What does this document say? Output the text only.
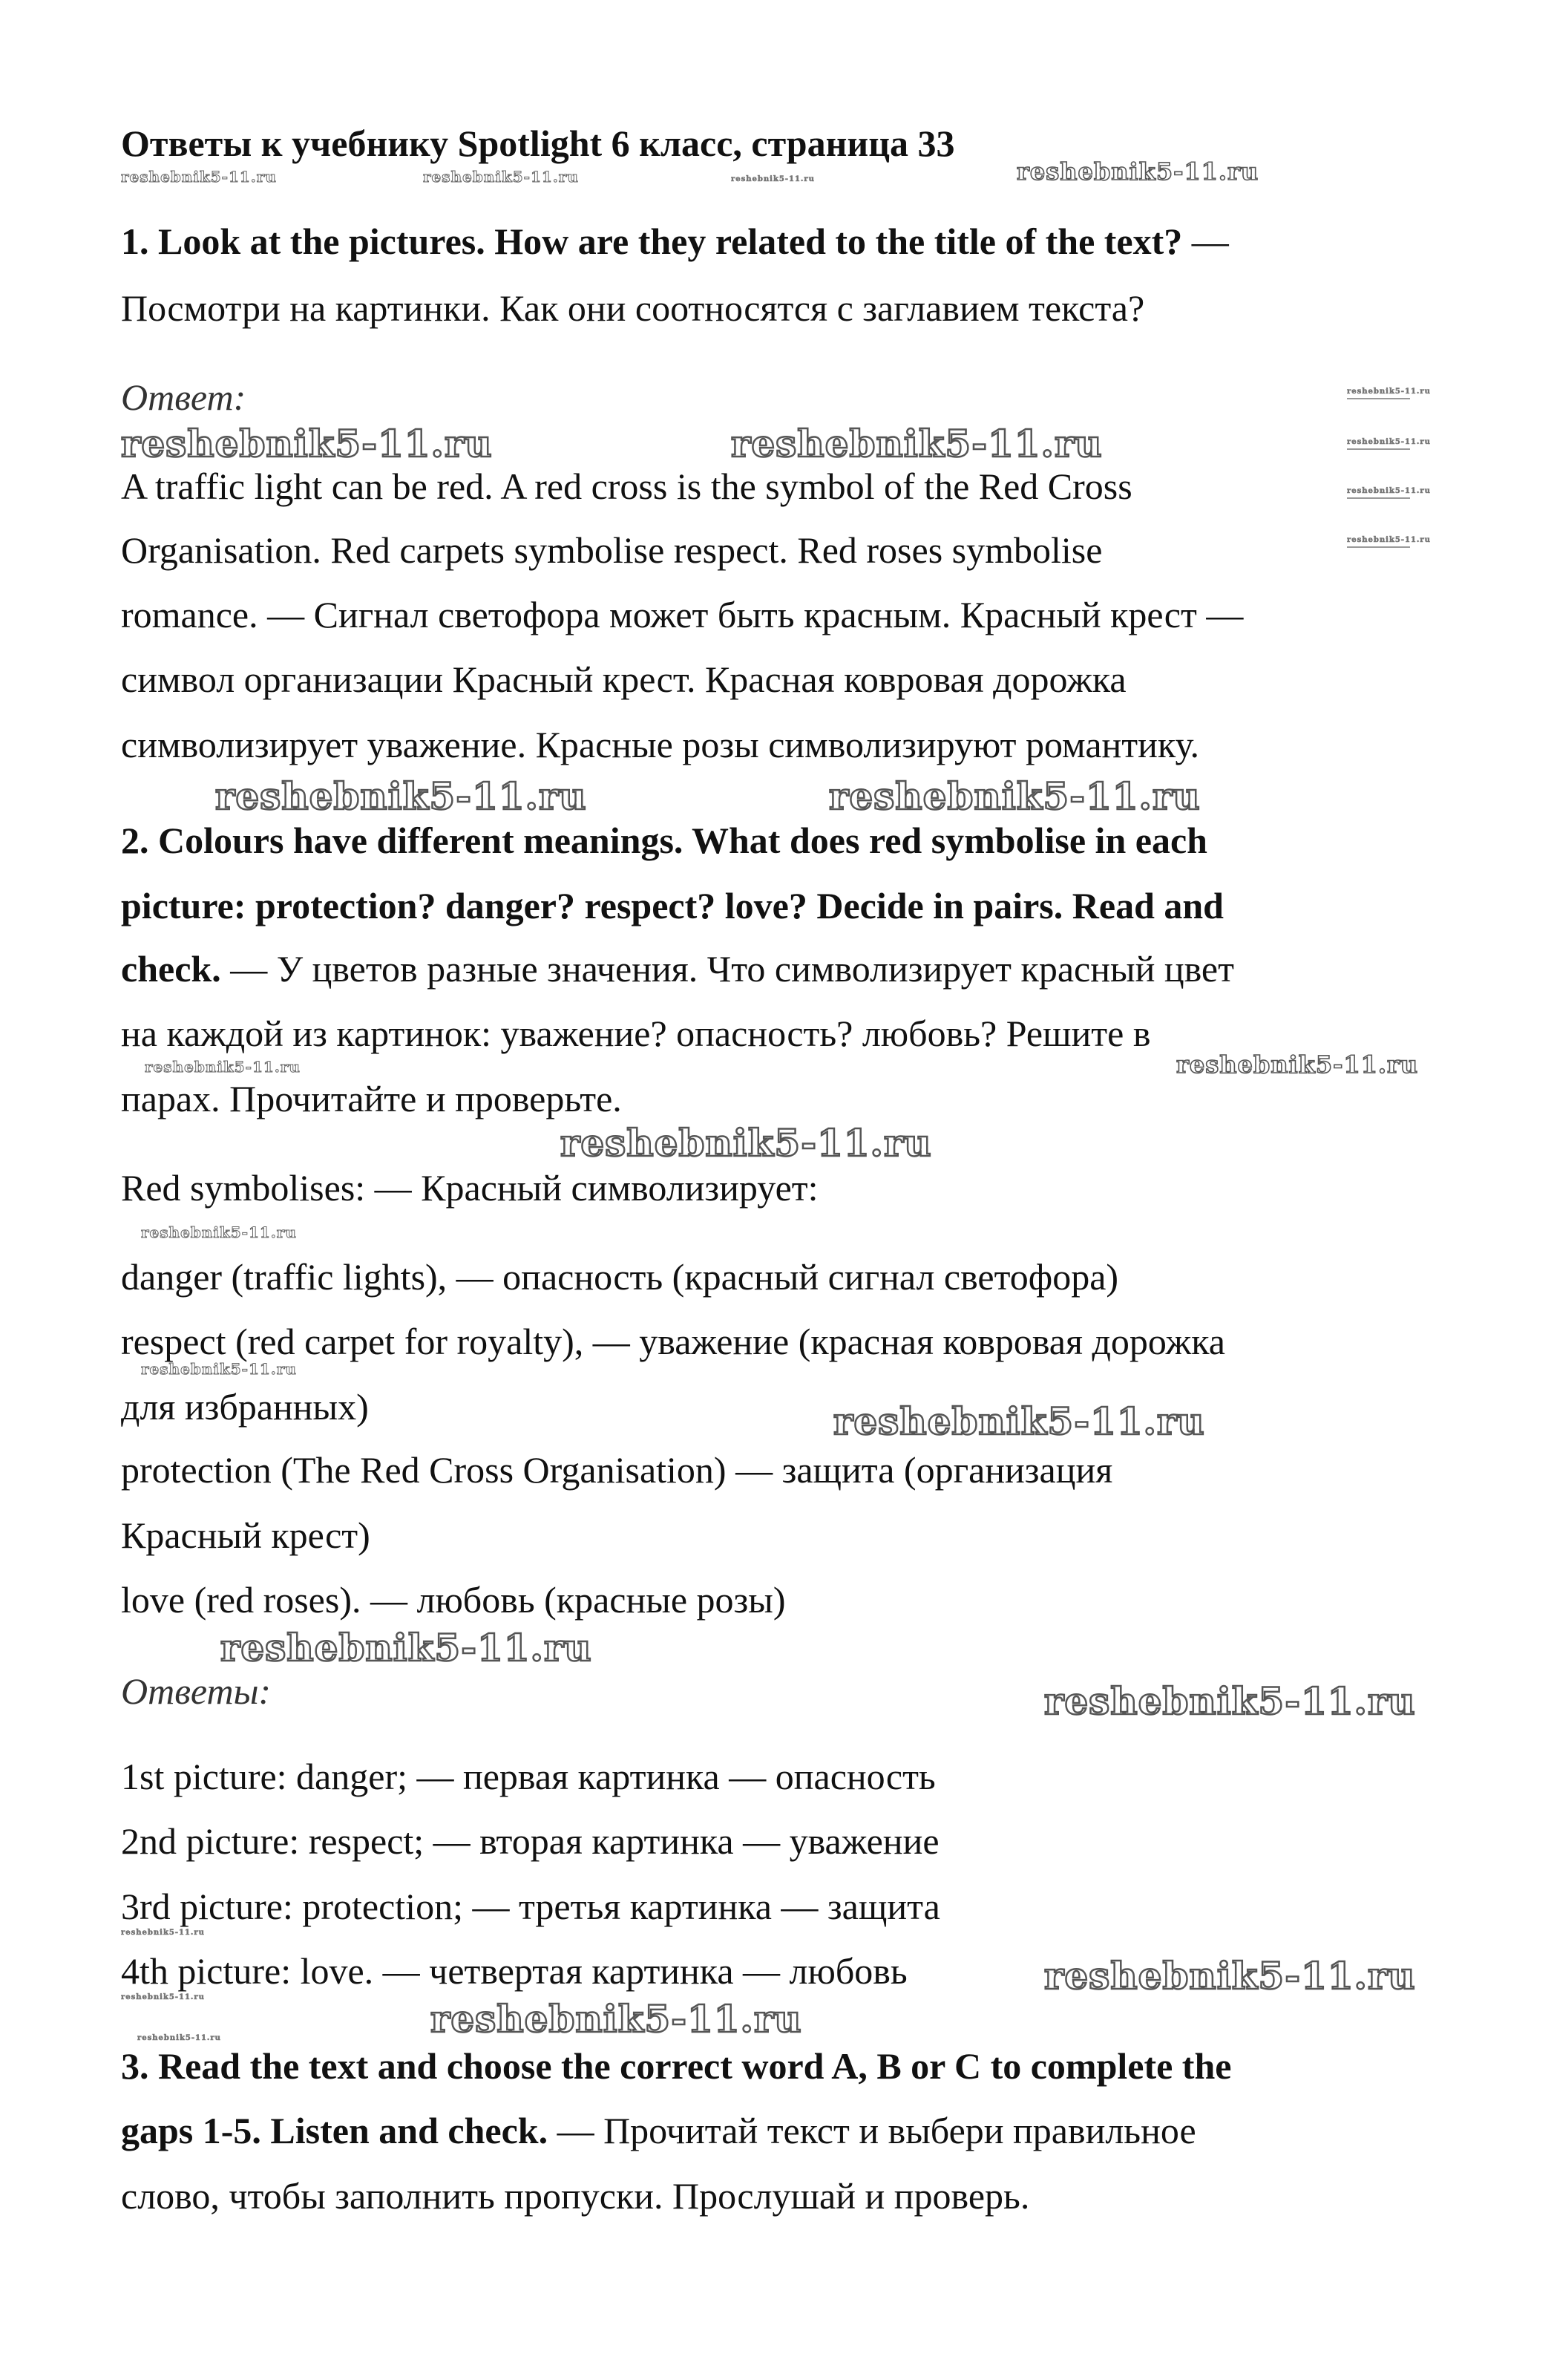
Ответы к учебнику Spotlight 6 класс, страница 33
1. Look at the pictures. How are they related to the title of the text? —
Посмотри на картинки. Как они соотносятся с заглавием текста?
Ответ:
A traffic light can be red. A red cross is the symbol of the Red Cross
Organisation. Red carpets symbolise respect. Red roses symbolise
romance. — Сигнал светофора может быть красным. Красный крест —
символ организации Красный крест. Красная ковровая дорожка
символизирует уважение. Красные розы символизируют романтику.
2. Colours have different meanings. What does red symbolise in each
picture: protection? danger? respect? love? Decide in pairs. Read and
check. — У цветов разные значения. Что символизирует красный цвет
на каждой из картинок: уважение? опасность? любовь? Решите в
парах. Прочитайте и проверьте.
Red symbolises: — Красный символизирует:
danger (traffic lights), — опасность (красный сигнал светофора)
respect (red carpet for royalty), — уважение (красная ковровая дорожка
для избранных)
protection (The Red Cross Organisation) — защита (организация
Красный крест)
love (red roses). — любовь (красные розы)
Ответы:
1st picture: danger; — первая картинка — опасность
2nd picture: respect; — вторая картинка — уважение
3rd picture: protection; — третья картинка — защита
4th picture: love. — четвертая картинка — любовь
3. Read the text and choose the correct word A, B or C to complete the
gaps 1-5. Listen and check. — Прочитай текст и выбери правильное
слово, чтобы заполнить пропуски. Прослушай и проверь.
reshebnik5-11.ru	reshebnik5-11.ru	reshebnik5-11.ru	reshebnik5-11.ru
reshebnik5-11.ru
reshebnik5-11.ru	reshebnik5-11.ru	reshebnik5-11.ru
reshebnik5-11.ru
reshebnik5-11.ru
reshebnik5-11.ru	reshebnik5-11.ru
reshebnik5-11.ru	reshebnik5-11.ru
reshebnik5-11.ru
reshebnik5-11.ru
reshebnik5-11.ru
reshebnik5-11.ru
reshebnik5-11.ru
reshebnik5-11.ru
reshebnik5-11.ru
reshebnik5-11.ru	reshebnik5-11.ru
reshebnik5-11.ru
reshebnik5-11.ru
